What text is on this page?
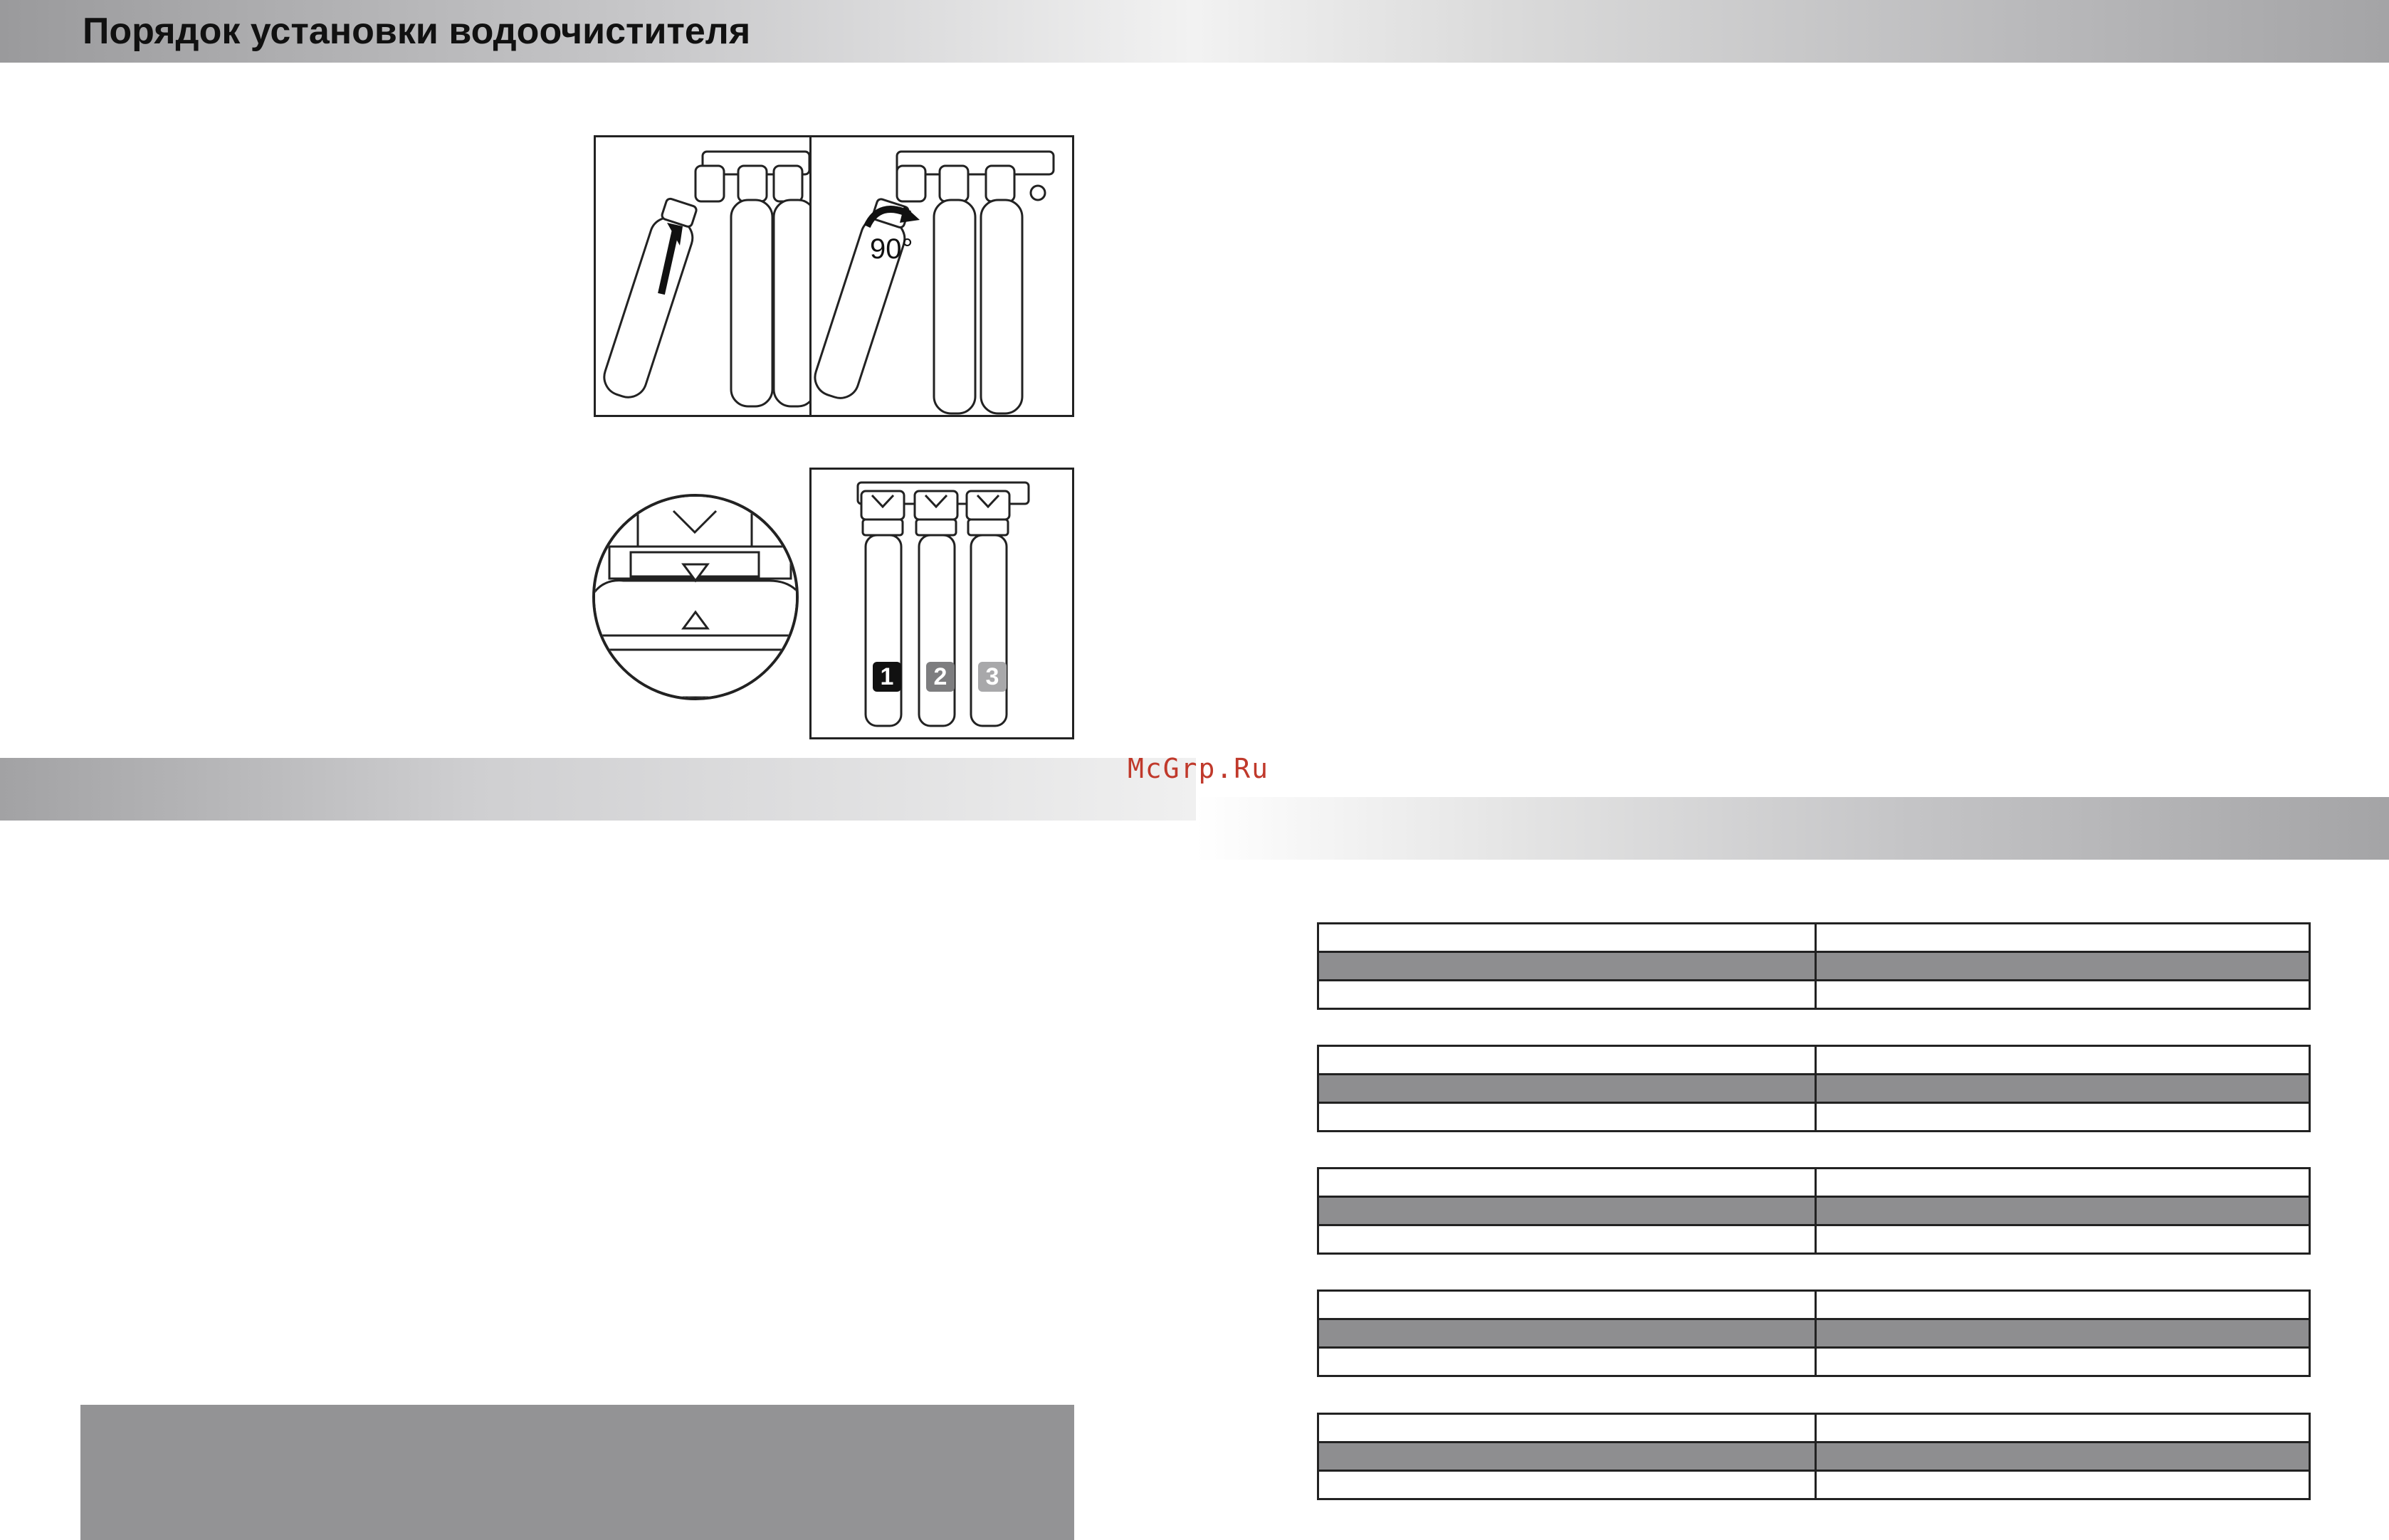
Порядок установки водоочистителя
McGrp.Ru
90°
1 2 3
